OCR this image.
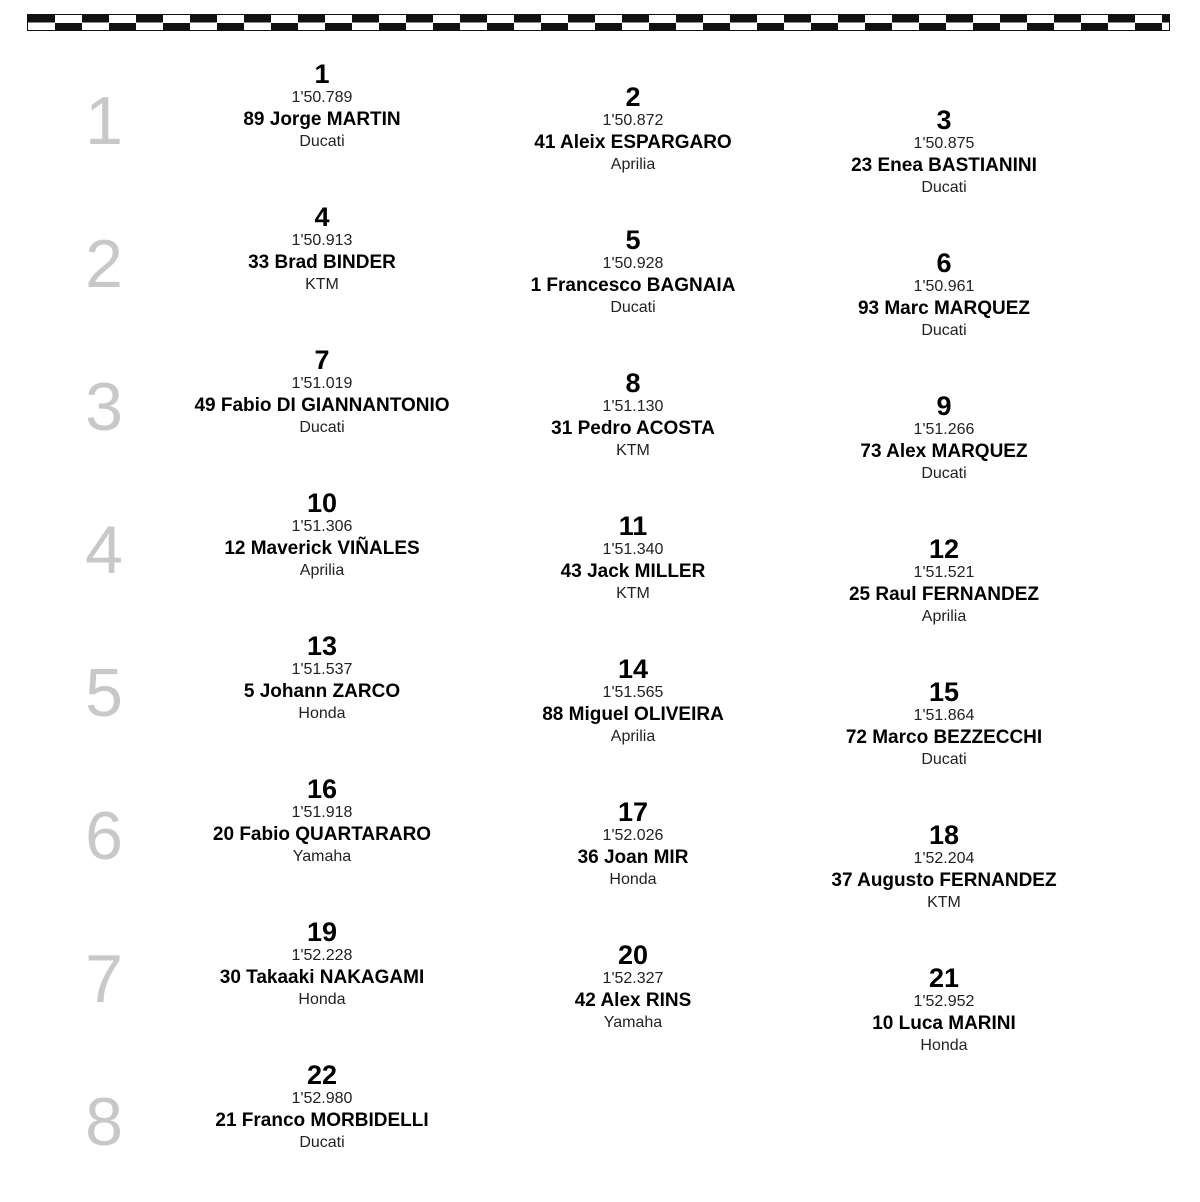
1
2
3
4
5
6
7
8
1
1'50.789
89 Jorge MARTIN
Ducati
2
1'50.872
41 Aleix ESPARGARO
Aprilia
3
1'50.875
23 Enea BASTIANINI
Ducati
4
1'50.913
33 Brad BINDER
KTM
5
1'50.928
1 Francesco BAGNAIA
Ducati
6
1'50.961
93 Marc MARQUEZ
Ducati
7
1'51.019
49 Fabio DI GIANNANTONIO
Ducati
8
1'51.130
31 Pedro ACOSTA
KTM
9
1'51.266
73 Alex MARQUEZ
Ducati
10
1'51.306
12 Maverick VIÑALES
Aprilia
11
1'51.340
43 Jack MILLER
KTM
12
1'51.521
25 Raul FERNANDEZ
Aprilia
13
1'51.537
5 Johann ZARCO
Honda
14
1'51.565
88 Miguel OLIVEIRA
Aprilia
15
1'51.864
72 Marco BEZZECCHI
Ducati
16
1'51.918
20 Fabio QUARTARARO
Yamaha
17
1'52.026
36 Joan MIR
Honda
18
1'52.204
37 Augusto FERNANDEZ
KTM
19
1'52.228
30 Takaaki NAKAGAMI
Honda
20
1'52.327
42 Alex RINS
Yamaha
21
1'52.952
10 Luca MARINI
Honda
22
1'52.980
21 Franco MORBIDELLI
Ducati
